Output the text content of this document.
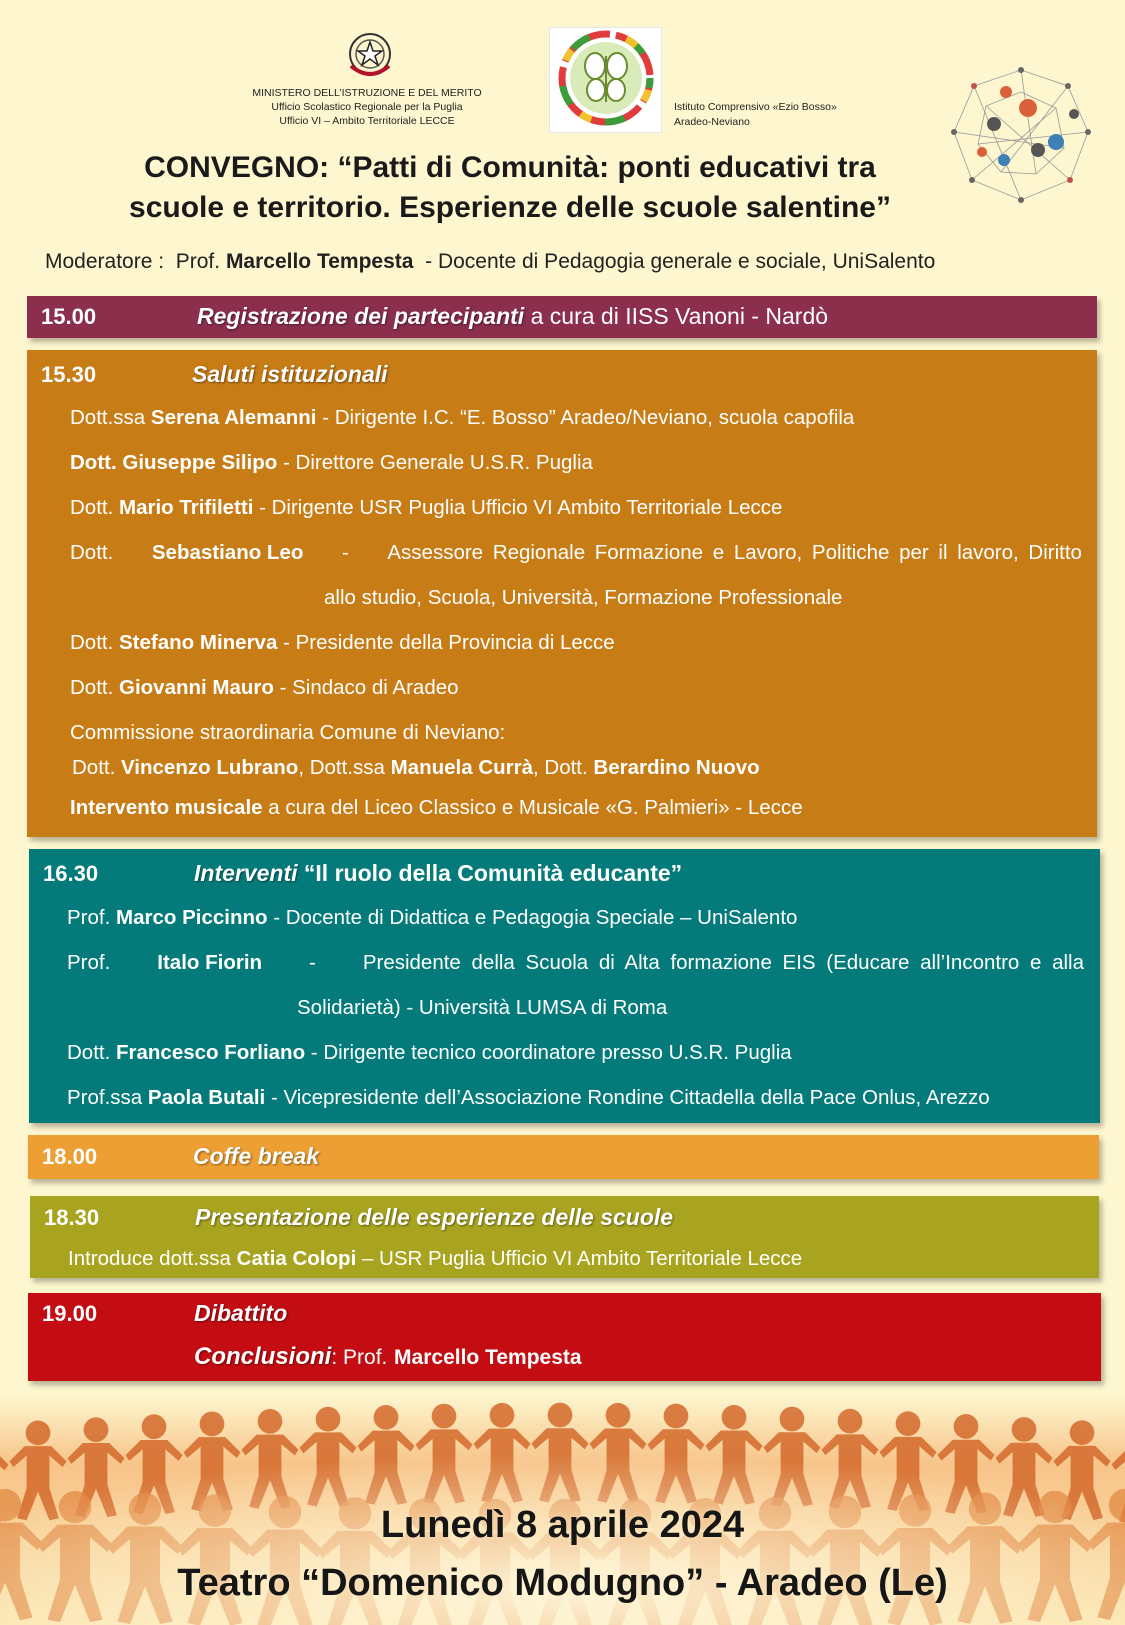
MINISTERO DELL’ISTRUZIONE E DEL MERITO
Ufficio Scolastico Regionale per la Puglia
Ufficio VI – Ambito Territoriale LECCE
Istituto Comprensivo «Ezio Bosso»
Aradeo-Neviano
CONVEGNO: “Patti di Comunità: ponti educativi tra
scuole e territorio. Esperienze delle scuole salentine”
Moderatore : Prof. Marcello Tempesta - Docente di Pedagogia generale e sociale, UniSalento
15.00	Registrazione dei partecipanti a cura di IISS Vanoni - Nardò
15.30	Saluti istituzionali
Dott.ssa Serena Alemanni - Dirigente I.C. “E. Bosso” Aradeo/Neviano, scuola capofila
Dott. Giuseppe Silipo - Direttore Generale U.S.R. Puglia
Dott. Mario Trifiletti - Dirigente USR Puglia Ufficio VI Ambito Territoriale Lecce
Dott. Sebastiano Leo - Assessore Regionale Formazione e Lavoro, Politiche per il lavoro, Diritto
allo studio, Scuola, Università, Formazione Professionale
Dott. Stefano Minerva - Presidente della Provincia di Lecce
Dott. Giovanni Mauro - Sindaco di Aradeo
Commissione straordinaria Comune di Neviano:
Dott. Vincenzo Lubrano, Dott.ssa Manuela Currà, Dott. Berardino Nuovo
Intervento musicale a cura del Liceo Classico e Musicale «G. Palmieri» - Lecce
16.30	Interventi “Il ruolo della Comunità educante”
Prof. Marco Piccinno - Docente di Didattica e Pedagogia Speciale – UniSalento
Prof. Italo Fiorin - Presidente della Scuola di Alta formazione EIS (Educare all’Incontro e alla
Solidarietà) - Università LUMSA di Roma
Dott. Francesco Forliano - Dirigente tecnico coordinatore presso U.S.R. Puglia
Prof.ssa Paola Butali - Vicepresidente dell’Associazione Rondine Cittadella della Pace Onlus, Arezzo
18.00	Coffe break
18.30	Presentazione delle esperienze delle scuole
Introduce dott.ssa Catia Colopi – USR Puglia Ufficio VI Ambito Territoriale Lecce
19.00	Dibattito
Conclusioni: Prof. Marcello Tempesta
Lunedì 8 aprile 2024
Teatro “Domenico Modugno” - Aradeo (Le)
